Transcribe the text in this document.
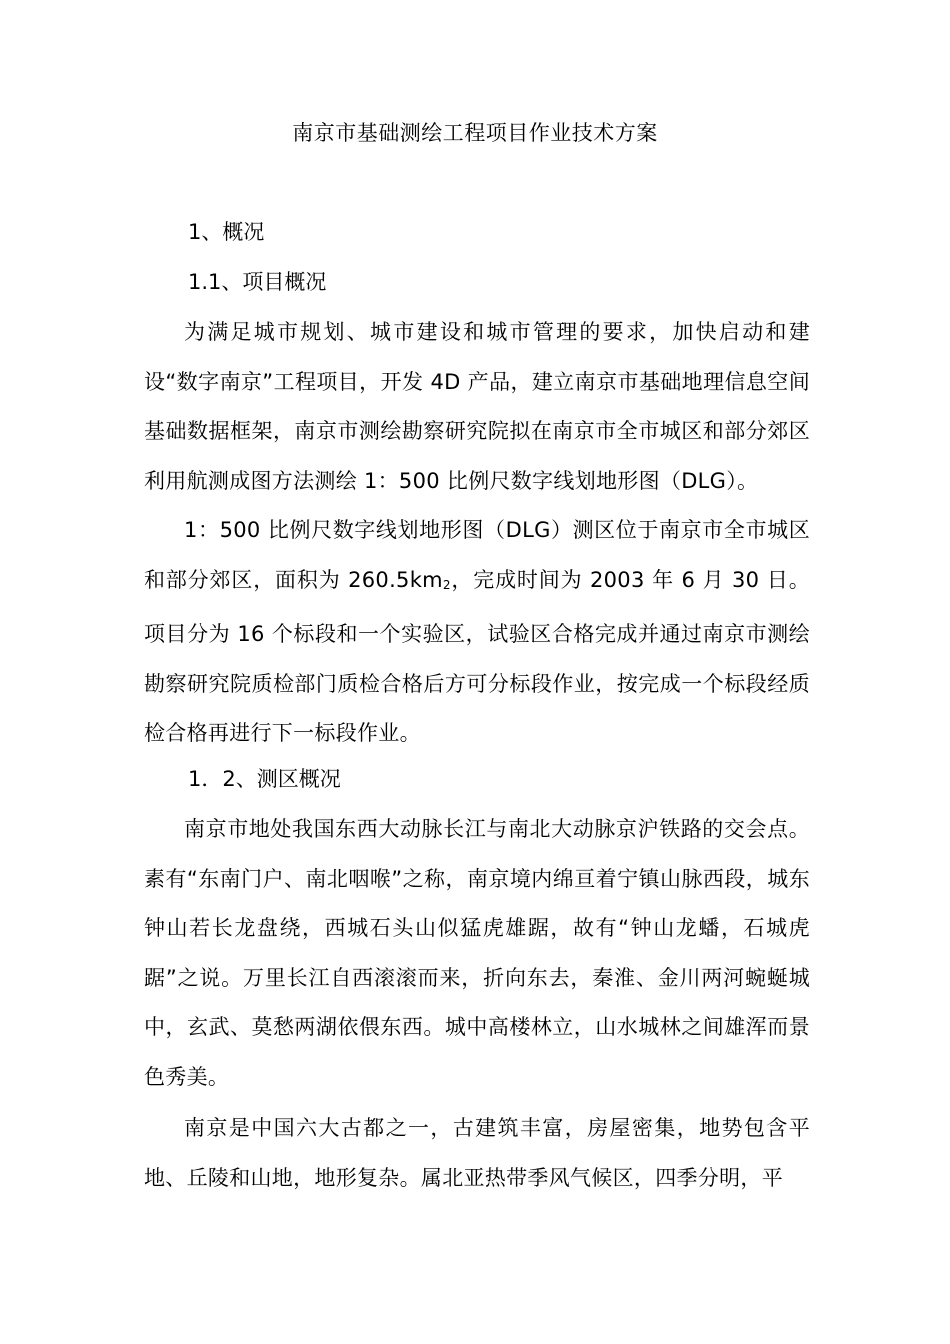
南京市基础测绘工程项目作业技术方案
1、概况
1.1、项目概况

为满足城市规划、城市建设和城市管理的要求，加快启动和建设“数字南京”工程项目，开发 4D 产品，建立南京市基础地理信息空间基础数据框架，南京市测绘勘察研究院拟在南京市全市城区和部分郊区利用航测成图方法测绘 1：500 比例尺数字线划地形图（DLG）。

1：500 比例尺数字线划地形图（DLG）测区位于南京市全市城区和部分郊区，面积为 $260.5km_2$，完成时间为 2003 年 6 月 30 日。项目分为 16 个标段和一个实验区，试验区合格完成并通过南京市测绘勘察研究院质检部门质检合格后方可分标段作业，按完成一个标段经质检合格再进行下一标段作业。

1．2、测区概况

南京市地处我国东西大动脉长江与南北大动脉京沪铁路的交会点。素有“东南门户、南北咽喉”之称，南京境内绵亘着宁镇山脉西段，城东钟山若长龙盘绕，西城石头山似猛虎雄踞，故有“钟山龙蟠，石城虎踞”之说。万里长江自西滚滚而来，折向东去，秦淮、金川两河蜿蜒城中，玄武、莫愁两湖依偎东西。城中高楼林立，山水城林之间雄浑而景色秀美。

南京是中国六大古都之一，古建筑丰富，房屋密集，地势包含平地、丘陵和山地，地形复杂。属北亚热带季风气候区，四季分明，平
